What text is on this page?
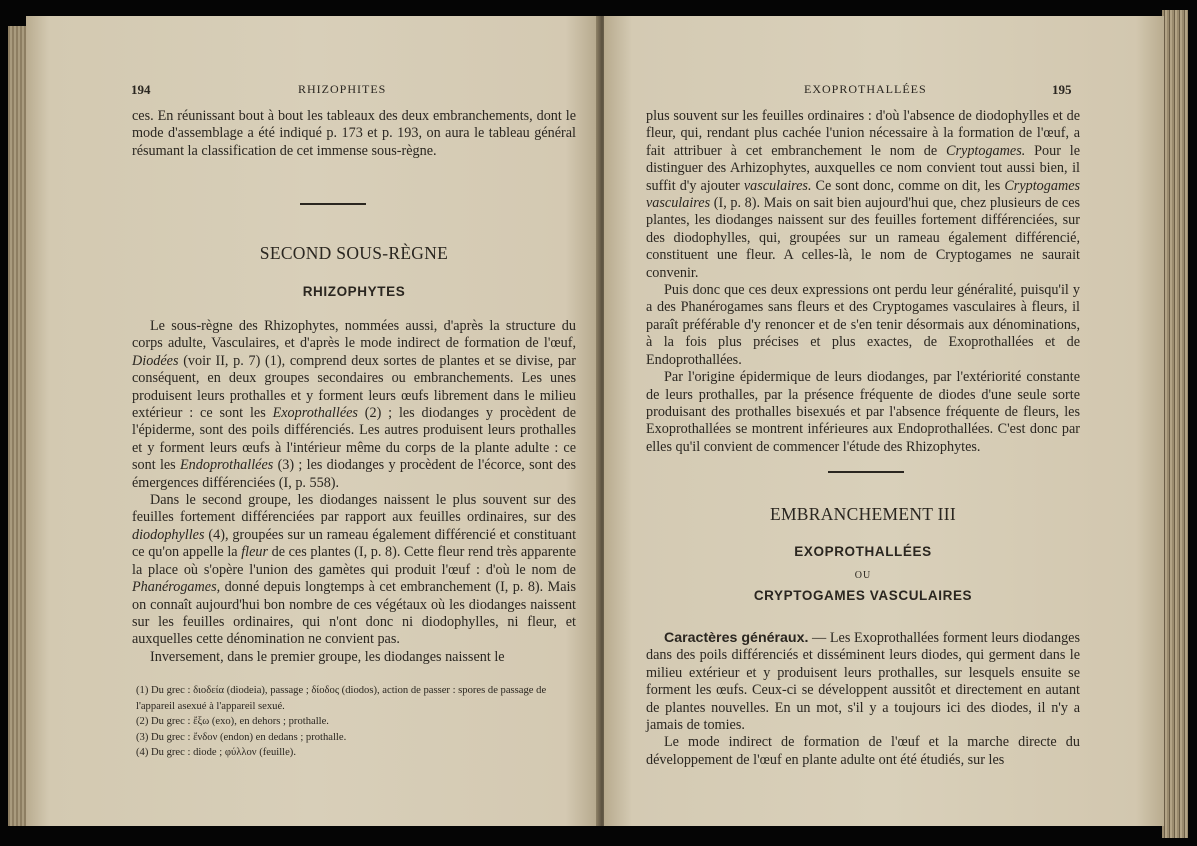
194	RHIZOPHITES

ces. En réunissant bout à bout les tableaux des deux embranchements, dont le mode d'assemblage a été indiqué p. 173 et p. 193, on aura le tableau général résumant la classification de cet immense sous-règne.

SECOND SOUS-RÈGNE
RHIZOPHYTES

Le sous-règne des Rhizophytes, nommées aussi, d'après la structure du corps adulte, Vasculaires, et d'après le mode indirect de formation de l'œuf, Diodées (voir II, p. 7) (1), comprend deux sortes de plantes et se divise, par conséquent, en deux groupes secondaires ou embranchements. Les unes produisent leurs prothalles et y forment leurs œufs librement dans le milieu extérieur : ce sont les Exoprothallées (2) ; les diodanges y procèdent de l'épiderme, sont des poils différenciés. Les autres produisent leurs prothalles et y forment leurs œufs à l'intérieur même du corps de la plante adulte : ce sont les Endoprothallées (3) ; les diodanges y procèdent de l'écorce, sont des émergences différenciées (I, p. 558).

Dans le second groupe, les diodanges naissent le plus souvent sur des feuilles fortement différenciées par rapport aux feuilles ordinaires, sur des diodophylles (4), groupées sur un rameau également différencié et constituant ce qu'on appelle la fleur de ces plantes (I, p. 8). Cette fleur rend très apparente la place où s'opère l'union des gamètes qui produit l'œuf : d'où le nom de Phanérogames, donné depuis longtemps à cet embranchement (I, p. 8). Mais on connaît aujourd'hui bon nombre de ces végétaux où les diodanges naissent sur les feuilles ordinaires, qui n'ont donc ni diodophylles, ni fleur, et auxquelles cette dénomination ne convient pas.

Inversement, dans le premier groupe, les diodanges naissent le

(1) Du grec : διοδεία (diodeia), passage ; δίοδος (diodos), action de passer : spores de passage de l'appareil asexué à l'appareil sexué.

(2) Du grec : ἔξω (exo), en dehors ; prothalle.

(3) Du grec : ἔνδον (endon) en dedans ; prothalle.

(4) Du grec : diode ; φύλλον (feuille).

EXOPROTHALLÉES	195

plus souvent sur les feuilles ordinaires : d'où l'absence de diodophylles et de fleur, qui, rendant plus cachée l'union nécessaire à la formation de l'œuf, a fait attribuer à cet embranchement le nom de Cryptogames. Pour le distinguer des Arhizophytes, auxquelles ce nom convient tout aussi bien, il suffit d'y ajouter vasculaires. Ce sont donc, comme on dit, les Cryptogames vasculaires (I, p. 8). Mais on sait bien aujourd'hui que, chez plusieurs de ces plantes, les diodanges naissent sur des feuilles fortement différenciées, sur des diodophylles, qui, groupées sur un rameau également différencié, constituent une fleur. A celles-là, le nom de Cryptogames ne saurait convenir.

Puis donc que ces deux expressions ont perdu leur généralité, puisqu'il y a des Phanérogames sans fleurs et des Cryptogames vasculaires à fleurs, il paraît préférable d'y renoncer et de s'en tenir désormais aux dénominations, à la fois plus précises et plus exactes, de Exoprothallées et de Endoprothallées.

Par l'origine épidermique de leurs diodanges, par l'extériorité constante de leurs prothalles, par la présence fréquente de diodes d'une seule sorte produisant des prothalles bisexués et par l'absence fréquente de fleurs, les Exoprothallées se montrent inférieures aux Endoprothallées. C'est donc par elles qu'il convient de commencer l'étude des Rhizophytes.

EMBRANCHEMENT III
EXOPROTHALLÉES
OU
CRYPTOGAMES VASCULAIRES

Caractères généraux. — Les Exoprothallées forment leurs diodanges dans des poils différenciés et disséminent leurs diodes, qui germent dans le milieu extérieur et y produisent leurs prothalles, sur lesquels ensuite se forment les œufs. Ceux-ci se développent aussitôt et directement en autant de plantes nouvelles. En un mot, s'il y a toujours ici des diodes, il n'y a jamais de tomies.

Le mode indirect de formation de l'œuf et la marche directe du développement de l'œuf en plante adulte ont été étudiés, sur les
